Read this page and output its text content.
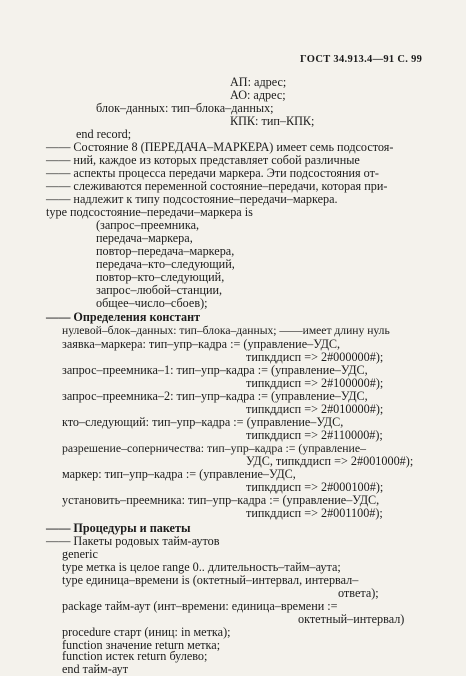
ГОСТ 34.913.4—91 С. 99
АП: адрес;
АО: адрес;
блок–данных: тип–блока–данных;
КПК: тип–КПК;
end record;
—— Состояние 8 (ПЕРЕДАЧА–МАРКЕРА) имеет семь подсостоя-
—— ний, каждое из которых представляет собой различные
—— аспекты процесса передачи маркера. Эти подсостояния от-
—— слеживаются переменной состояние–передачи, которая при-
—— надлежит к типу подсостояние–передачи–маркера.
type подсостояние–передачи–маркера is
(запрос–преемника,
передача–маркера,
повтор–передача–маркера,
передача–кто–следующий,
повтор–кто–следующий,
запрос–любой–станции,
общее–число–сбоев);
—— Определения констант
нулевой–блок–данных: тип–блока–данных; ——имеет длину нуль
заявка–маркера: тип–упр–кадра := (управление–УДС,
типкддисп => 2#000000#);
запрос–преемника–1: тип–упр–кадра := (управление–УДС,
типкддисп => 2#100000#);
запрос–преемника–2: тип–упр–кадра := (управление–УДС,
типкддисп => 2#010000#);
кто–следующий: тип–упр–кадра := (управление–УДС,
типкддисп => 2#110000#);
разрешение–соперничества: тип–упр–кадра := (управление–
УДС, типкддисп => 2#001000#);
маркер: тип–упр–кадра := (управление–УДС,
типкддисп => 2#000100#);
установить–преемника: тип–упр–кадра := (управление–УДС,
типкддисп => 2#001100#);
—— Процедуры и пакеты
—— Пакеты родовых тайм-аутов
generic
type метка is целое range 0.. длительность–тайм–аута;
type единица–времени is (октетный–интервал, интервал–
ответа);
package тайм-аут (инт–времени: единица–времени :=
октетный–интервал)
procedure старт (иниц: in метка);
function значение return метка;
function истек return булево;
end тайм-аут
